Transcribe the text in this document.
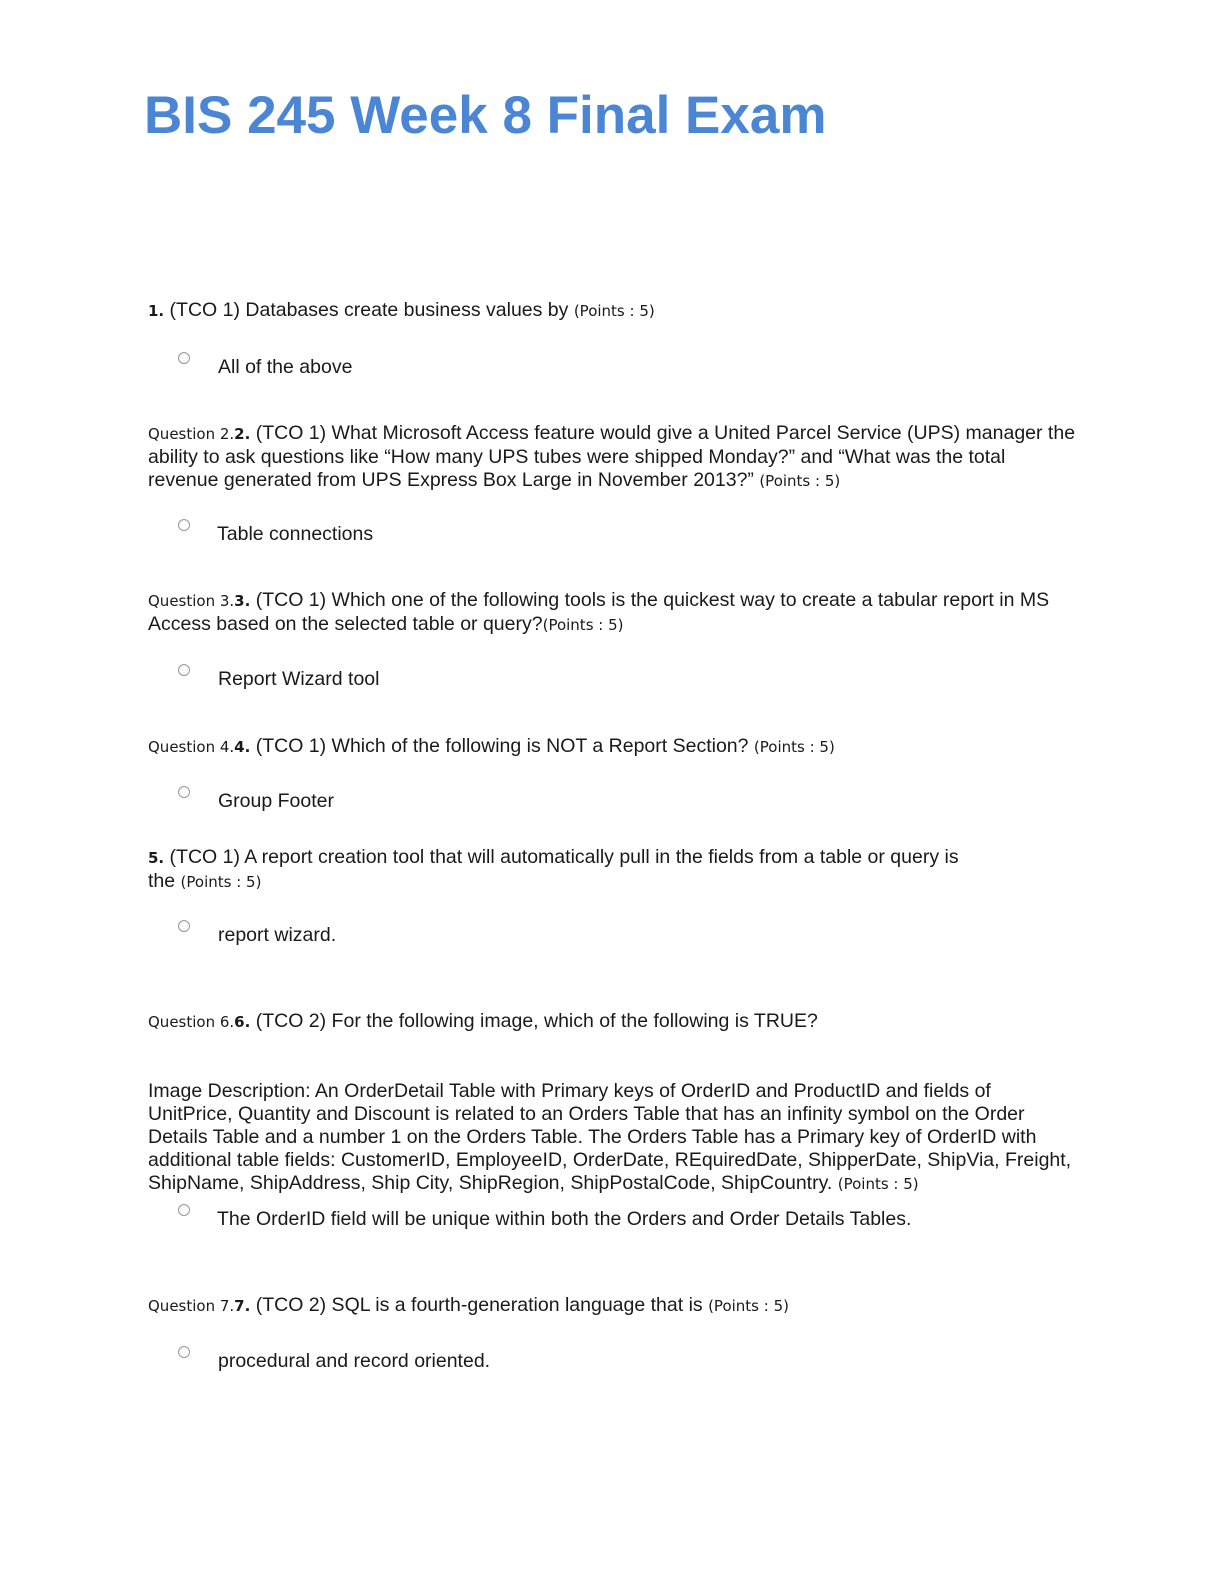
BIS 245 Week 8 Final Exam

1. (TCO 1) Databases create business values by (Points : 5)

All of the above

Question 2.2. (TCO 1) What Microsoft Access feature would give a United Parcel Service (UPS) manager the ability to ask questions like “How many UPS tubes were shipped Monday?” and “What was the total revenue generated from UPS Express Box Large in November 2013?” (Points : 5)

Table connections

Question 3.3. (TCO 1) Which one of the following tools is the quickest way to create a tabular report in MS Access based on the selected table or query?(Points : 5)

Report Wizard tool

Question 4.4. (TCO 1) Which of the following is NOT a Report Section? (Points : 5)

Group Footer

5. (TCO 1) A report creation tool that will automatically pull in the fields from a table or query is the (Points : 5)

report wizard.

Question 6.6. (TCO 2) For the following image, which of the following is TRUE?

Image Description: An OrderDetail Table with Primary keys of OrderID and ProductID and fields of UnitPrice, Quantity and Discount is related to an Orders Table that has an infinity symbol on the Order Details Table and a number 1 on the Orders Table. The Orders Table has a Primary key of OrderID with additional table fields: CustomerID, EmployeeID, OrderDate, REquiredDate, ShipperDate, ShipVia, Freight, ShipName, ShipAddress, Ship City, ShipRegion, ShipPostalCode, ShipCountry. (Points : 5)

The OrderID field will be unique within both the Orders and Order Details Tables.

Question 7.7. (TCO 2) SQL is a fourth-generation language that is (Points : 5)

procedural and record oriented.
